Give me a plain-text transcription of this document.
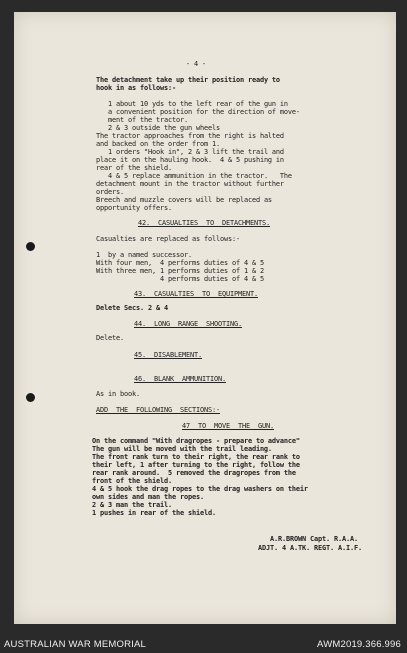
- 4 -
The detachment take up their position ready to
hook in as follows:-
1 about 10 yds to the left rear of the gun in
a convenient position for the direction of move-
ment of the tractor.
2 & 3 outside the gun wheels
The tractor approaches from the right is halted
and backed on the order from 1.
1 orders "Hook in", 2 & 3 lift the trail and
place it on the hauling hook.  4 & 5 pushing in
rear of the shield.
4 & 5 replace ammunition in the tractor.   The
detachment mount in the tractor without further
orders.
Breech and muzzle covers will be replaced as
opportunity offers.
42.  CASUALTIES  TO  DETACHMENTS.
Casualties are replaced as follows:-
1  by a named successor.
With four men,  4 performs duties of 4 & 5
With three men, 1 performs duties of 1 & 2
4 performs duties of 4 & 5
43.  CASUALTIES  TO  EQUIPMENT.
Delete Secs. 2 & 4
44.  LONG  RANGE  SHOOTING.
Delete.
45.  DISABLEMENT.
46.  BLANK  AMMUNITION.
As in book.
ADD  THE  FOLLOWING  SECTIONS:-
47  TO  MOVE  THE  GUN.
On the command "With dragropes - prepare to advance"
The gun will be moved with the trail leading.
The front rank turn to their right, the rear rank to
their left, 1 after turning to the right, follow the
rear rank around.  5 removed the dragropes from the
front of the shield.
4 & 5 hook the drag ropes to the drag washers on their
own sides and man the ropes.
2 & 3 man the trail.
1 pushes in rear of the shield.
A.R.BROWN Capt. R.A.A.
ADJT. 4 A.TK. REGT. A.I.F.
AUSTRALIAN WAR MEMORIAL	AWM2019.366.996
